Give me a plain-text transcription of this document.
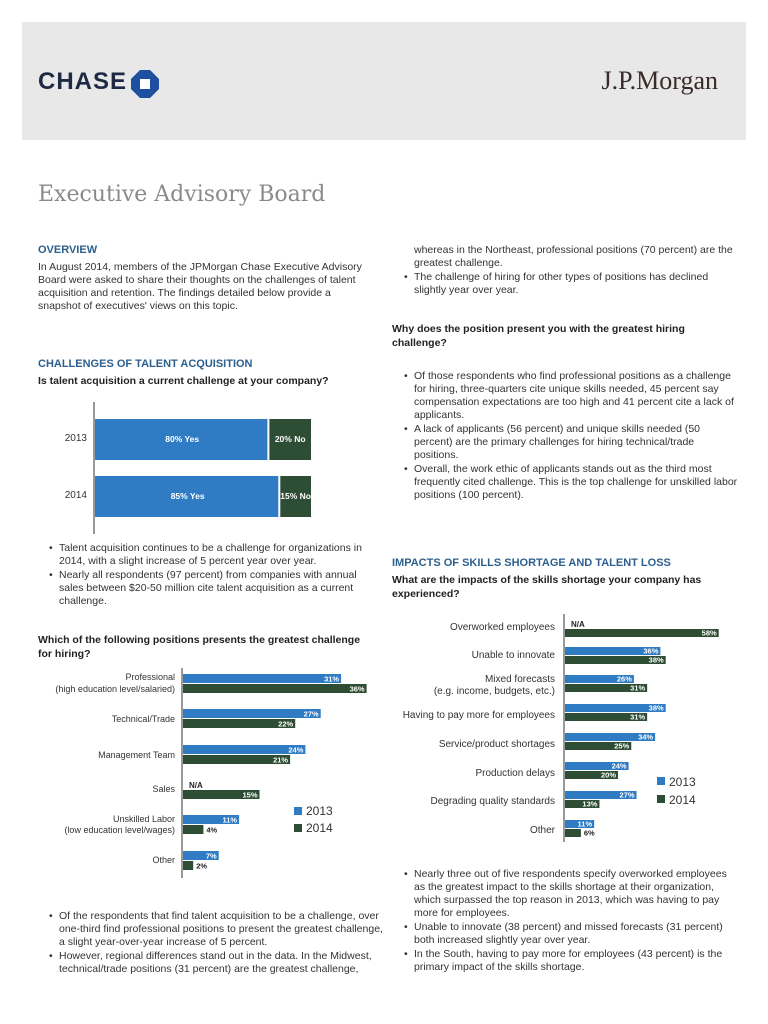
CHASE	J.P.Morgan
Executive Advisory Board
OVERVIEW
In August 2014, members of the JPMorgan Chase Executive Advisory Board were asked to share their thoughts on the challenges of talent acquisition and retention. The findings detailed below provide a snapshot of executives' views on this topic.
CHALLENGES OF TALENT ACQUISITION
Is talent acquisition a current challenge at your company?
2013
2014
80% Yes	20% No
85% Yes	15% No
• Talent acquisition continues to be a challenge for organizations in 2014, with a slight increase of 5 percent year over year.
• Nearly all respondents (97 percent) from companies with annual sales between $20-50 million cite talent acquisition as a current challenge.
Which of the following positions presents the greatest challenge for hiring?
31%
27%
24%
N/A
11%
7%
36%
22%
21%
15%
4%
2%
Professional (high education level/salaried)
Technical/Trade
Management Team
Sales
Unskilled Labor (low education level/wages)
Other
2013
2014
• Of the respondents that find talent acquisition to be a challenge, over one-third find professional positions to present the greatest challenge, a slight year-over-year increase of 5 percent.
• However, regional differences stand out in the data. In the Midwest, technical/trade positions (31 percent) are the greatest challenge,
whereas in the Northeast, professional positions (70 percent) are the greatest challenge.
• The challenge of hiring for other types of positions has declined slightly year over year.
Why does the position present you with the greatest hiring challenge?
• Of those respondents who find professional positions as a challenge for hiring, three-quarters cite unique skills needed, 45 percent say compensation expectations are too high and 41 percent cite a lack of applicants.
• A lack of applicants (56 percent) and unique skills needed (50 percent) are the primary challenges for hiring technical/trade positions.
• Overall, the work ethic of applicants stands out as the third most frequently cited challenge. This is the top challenge for unskilled labor positions (100 percent).
IMPACTS OF SKILLS SHORTAGE AND TALENT LOSS
What are the impacts of the skills shortage your company has experienced?
N/A
36%
26%
38%
34%
24%
27%
11%
58%
38%
31%
31%
25%
20%
13%
6%
Overworked employees
Unable to innovate
Mixed forecasts (e.g. income, budgets, etc.)
Having to pay more for employees
Service/product shortages
Production delays
Degrading quality standards
Other
2013
2014
• Nearly three out of five respondents specify overworked employees as the greatest impact to the skills shortage at their organization, which surpassed the top reason in 2013, which was having to pay more for employees.
• Unable to innovate (38 percent) and missed forecasts (31 percent) both increased slightly year over year.
• In the South, having to pay more for employees (43 percent) is the primary impact of the skills shortage.
